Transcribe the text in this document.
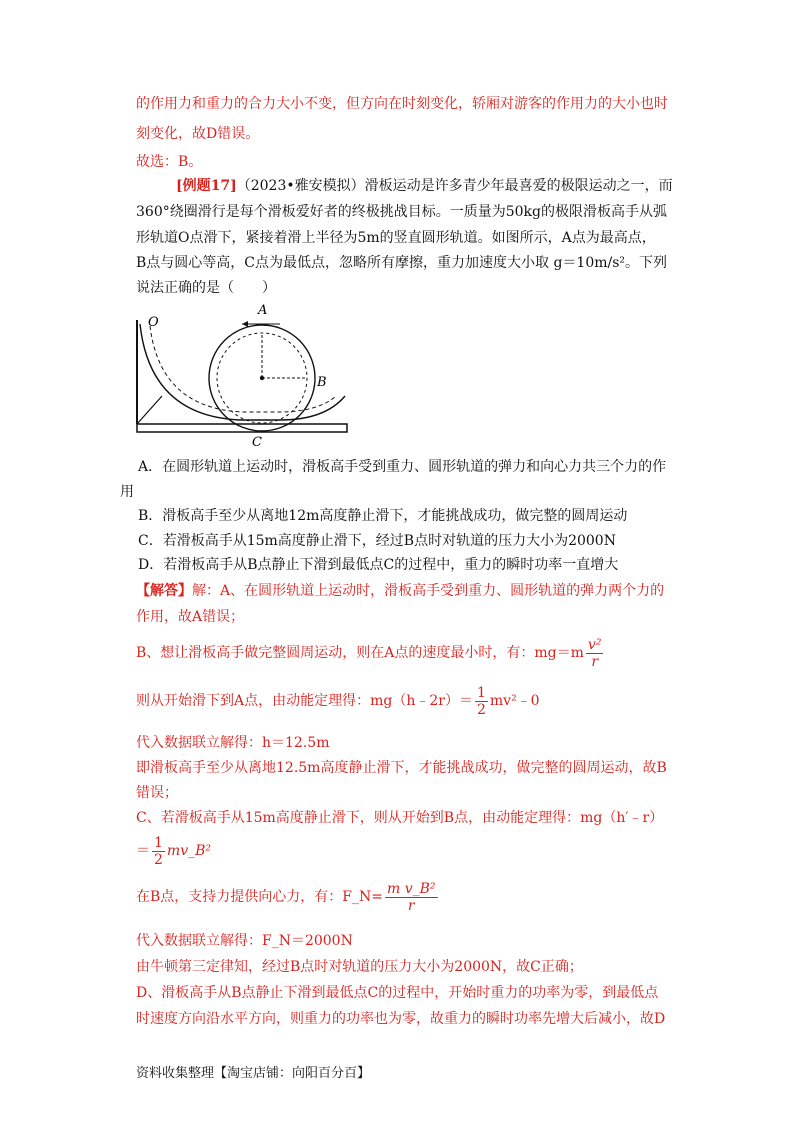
的作用力和重力的合力大小不变，但方向在时刻变化，轿厢对游客的作用力的大小也时
刻变化，故D错误。
故选：B。
[例题17]（2023•雅安模拟）滑板运动是许多青少年最喜爱的极限运动之一，而
360°绕圈滑行是每个滑板爱好者的终极挑战目标。一质量为50kg的极限滑板高手从弧
形轨道O点滑下，紧接着滑上半径为5m的竖直圆形轨道。如图所示，A点为最高点，
B点与圆心等高，C点为最低点，忽略所有摩擦，重力加速度大小取 g＝10m/s²。下列
说法正确的是（　　）
O
A
B
C
A．在圆形轨道上运动时，滑板高手受到重力、圆形轨道的弹力和向心力共三个力的作
用
B．滑板高手至少从离地12m高度静止滑下，才能挑战成功，做完整的圆周运动
C．若滑板高手从15m高度静止滑下，经过B点时对轨道的压力大小为2000N
D．若滑板高手从B点静止下滑到最低点C的过程中，重力的瞬时功率一直增大
【解答】解：A、在圆形轨道上运动时，滑板高手受到重力、圆形轨道的弹力两个力的
作用，故A错误；
B、想让滑板高手做完整圆周运动，则在A点的速度最小时，有：$mg=m \frac{\text{v²}}{r}$
则从开始滑下到A点，由动能定理得：mg（h﹣2r）＝ $\frac{1}{2}$ mv²﹣0
代入数据联立解得：h＝12.5m
即滑板高手至少从离地12.5m高度静止滑下，才能挑战成功，做完整的圆周运动，故B
错误；
C、若滑板高手从15m高度静止滑下，则从开始到B点，由动能定理得：mg（h′﹣r）
＝ $\frac{1}{2}$ mv_B²
在B点，支持力提供向心力，有：F_N= $\frac{\text{m v\_B²}}{r}$
代入数据联立解得：F_N＝2000N
由牛顿第三定律知，经过B点时对轨道的压力大小为2000N，故C正确；
D、滑板高手从B点静止下滑到最低点C的过程中，开始时重力的功率为零，到最低点
时速度方向沿水平方向，则重力的功率也为零，故重力的瞬时功率先增大后减小，故D
资料收集整理【淘宝店铺：向阳百分百】
